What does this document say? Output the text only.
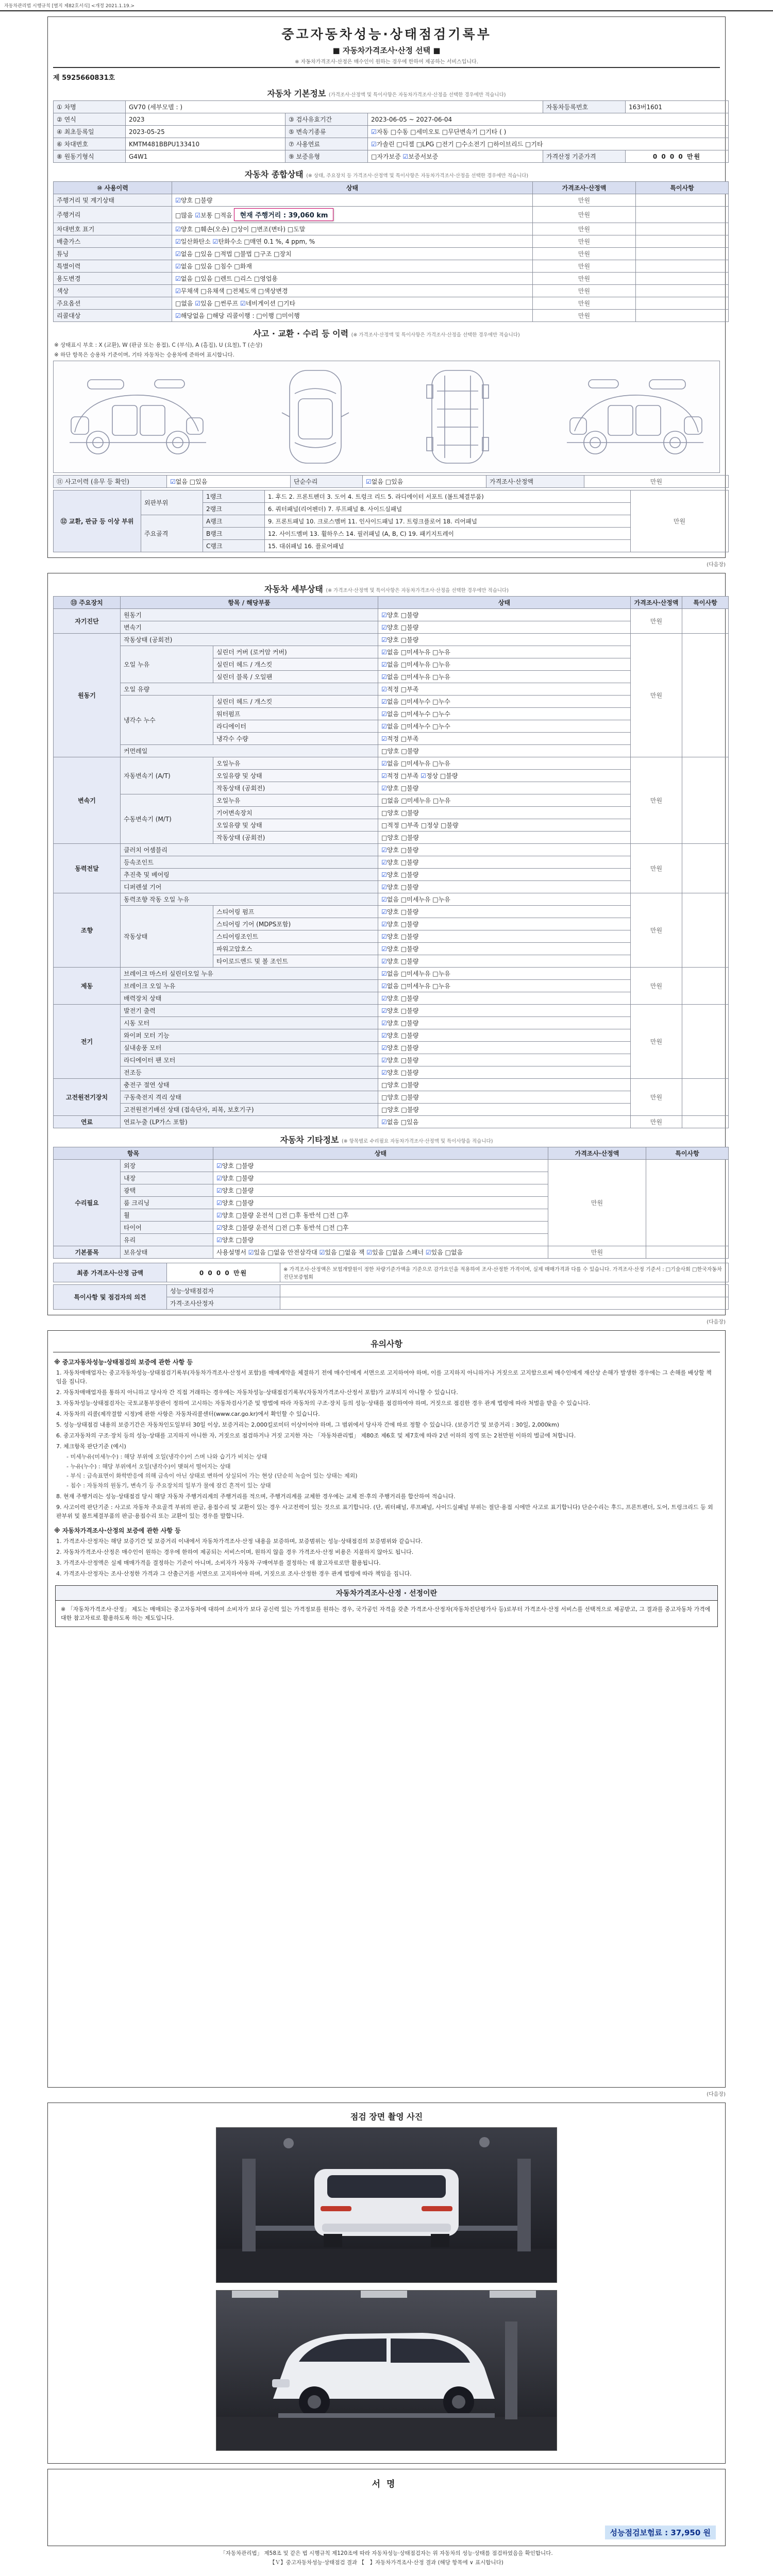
자동차관리법 시행규칙 [별지 제82호서식] <개정 2021.1.19.>
중고자동차성능·상태점검기록부
■ 자동차가격조사·산정 선택 ■
※ 자동차가격조사·산정은 매수인이 원하는 경우에 한하여 제공하는 서비스입니다.
제 5925660831호
자동차 기본정보 (가격조사·산정액 및 특이사항은 자동차가격조사·산정을 선택한 경우에만 적습니다)
① 차명	GV70 (세부모델 : )			자동차등록번호	163버1601
② 연식	2023	③ 검사유효기간	2023-06-05 ~ 2027-06-04		
④ 최초등록일	2023-05-25	⑤ 변속기종류	☑자동 □수동 □세미오토 □무단변속기 □기타 ( )		
⑥ 차대번호	KMTM481BBPU133410	⑦ 사용연료	☑가솔린 □디젤 □LPG □전기 □수소전기 □하이브리드 □기타		
⑧ 원동기형식	G4W1	⑨ 보증유형	□자가보증 ☑보증서보증	가격산정 기준가격	0 0 0 0 만원
자동차 종합상태 (※ 상태, 주요장치 등 가격조사·산정액 및 특이사항은 자동차가격조사·산정을 선택한 경우에만 적습니다)
⑩ 사용이력	상태	가격조사·산정액	특이사항
주행거리 및 계기상태	☑양호 □불량	만원	
주행거리	□많음 ☑보통 □적음 현재 주행거리 : 39,060 km	만원	
차대번호 표기	☑양호 □훼손(오손) □상이 □변조(변타) □도말	만원	
배출가스	☑일산화탄소 ☑탄화수소 □매연 0.1 %, 4 ppm, %	만원	
튜닝	☑없음 □있음 □적법 □불법 □구조 □장치	만원	
특별이력	☑없음 □있음 □침수 □화재	만원	
용도변경	☑없음 □있음 □렌트 □리스 □영업용	만원	
색상	☑무채색 □유채색 □전체도색 □색상변경	만원	
주요옵션	□없음 ☑있음 □썬루프 ☑네비게이션 □기타	만원	
리콜대상	☑해당없음 □해당 리콜이행 : □이행 □미이행	만원	
사고 · 교환 · 수리 등 이력 (※ 가격조사·산정액 및 특이사항은 가격조사·산정을 선택한 경우에만 적습니다)
※ 상태표시 부호 : X (교환), W (판금 또는 용접), C (부식), A (흠집), U (요철), T (손상)
※ 하단 항목은 승용차 기준이며, 기타 자동차는 승용차에 준하여 표시합니다.
⑪ 사고이력 (유무 등 확인)	☑없음 □있음	단순수리	☑없음 □있음	가격조사·산정액	만원
⑫ 교환, 판금 등 이상 부위	외판부위	1랭크	1. 후드 2. 프론트펜더 3. 도어 4. 트렁크 리드 5. 라디에이터 서포트 (볼트체결부품)	만원
		2랭크	6. 쿼터패널(리어펜더) 7. 루프패널 8. 사이드실패널	
	주요골격	A랭크	9. 프론트패널 10. 크로스멤버 11. 인사이드패널 17. 트렁크플로어 18. 리어패널	
		B랭크	12. 사이드멤버 13. 휠하우스 14. 필러패널 (A, B, C) 19. 패키지트레이	
		C랭크	15. 대쉬패널 16. 플로어패널	
(다음장)
자동차 세부상태 (※ 가격조사·산정액 및 특이사항은 자동차가격조사·산정을 선택한 경우에만 적습니다)
⑬ 주요장치	항목 / 해당부품		상태	가격조사·산정액	특이사항
자기진단	원동기		☑양호 □불량	만원	
	변속기		☑양호 □불량		
원동기	작동상태 (공회전)		☑양호 □불량	만원	
	오일 누유	실린더 커버 (로커암 커버)	☑없음 □미세누유 □누유		
		실린더 헤드 / 개스킷	☑없음 □미세누유 □누유		
		실린더 블록 / 오일팬	☑없음 □미세누유 □누유		
	오일 유량		☑적정 □부족		
	냉각수 누수	실린더 헤드 / 개스킷	☑없음 □미세누수 □누수		
		워터펌프	☑없음 □미세누수 □누수		
		라디에이터	☑없음 □미세누수 □누수		
		냉각수 수량	☑적정 □부족		
	커먼레일		□양호 □불량		
변속기	자동변속기 (A/T)	오일누유	☑없음 □미세누유 □누유	만원	
		오일유량 및 상태	☑적정 □부족 ☑정상 □불량		
		작동상태 (공회전)	☑양호 □불량		
	수동변속기 (M/T)	오일누유	□없음 □미세누유 □누유		
		기어변속장치	□양호 □불량		
		오일유량 및 상태	□적정 □부족 □정상 □불량		
		작동상태 (공회전)	□양호 □불량		
동력전달	클러치 어셈블리		☑양호 □불량	만원	
	등속조인트		☑양호 □불량		
	추진축 및 베어링		☑양호 □불량		
	디퍼렌셜 기어		☑양호 □불량		
조향	동력조향 작동 오일 누유		☑없음 □미세누유 □누유	만원	
	작동상태	스티어링 펌프	☑양호 □불량		
		스티어링 기어 (MDPS포함)	☑양호 □불량		
		스티어링조인트	☑양호 □불량		
		파워고압호스	☑양호 □불량		
		타이로드엔드 및 볼 조인트	☑양호 □불량		
제동	브레이크 마스터 실린더오일 누유		☑없음 □미세누유 □누유	만원	
	브레이크 오일 누유		☑없음 □미세누유 □누유		
	배력장치 상태		☑양호 □불량		
전기	발전기 출력		☑양호 □불량	만원	
	시동 모터		☑양호 □불량		
	와이퍼 모터 기능		☑양호 □불량		
	실내송풍 모터		☑양호 □불량		
	라디에이터 팬 모터		☑양호 □불량		
	전조등		☑양호 □불량		
고전원전기장치	충전구 절연 상태		□양호 □불량	만원	
	구동축전지 격리 상태		□양호 □불량		
	고전원전기배선 상태 (접속단자, 피복, 보호기구)		□양호 □불량		
연료	연료누출 (LP가스 포함)		☑없음 □있음	만원	
자동차 기타정보 (※ 항목별로 수리필요 자동차가격조사·산정액 및 특이사항을 적습니다)
항목		상태	가격조사·산정액	특이사항
수리필요	외장	☑양호 □불량	만원	
	내장	☑양호 □불량		
	광택	☑양호 □불량		
	룸 크리닝	☑양호 □불량		
	휠	☑양호 □불량 운전석 □전 □후 동반석 □전 □후		
	타이어	☑양호 □불량 운전석 □전 □후 동반석 □전 □후		
	유리	☑양호 □불량		
기본품목	보유상태	사용설명서 ☑있음 □없음 안전삼각대 ☑있음 □없음 잭 ☑있음 □없음 스패너 ☑있음 □없음	만원	
최종 가격조사·산정 금액	0 0 0 0 만원	※ 가격조사·산정액은 보험개발원이 정한 차량기준가액을 기준으로 감가요인을 적용하여 조사·산정한 가격이며, 실제 매매가격과 다를 수 있습니다. 가격조사·산정 기준서 : □기술사회 □한국자동차진단보증협회
특이사항 및 점검자의 의견	성능·상태점검자	
	가격·조사산정자	
(다음장)
유의사항
※ 중고자동차성능·상태점검의 보증에 관한 사항 등
1. 자동차매매업자는 중고자동차성능·상태점검기록부(자동차가격조사·산정서 포함)를 매매계약을 체결하기 전에 매수인에게 서면으로 고지하여야 하며, 이를 고지하지 아니하거나 거짓으로 고지함으로써 매수인에게 재산상 손해가 발생한 경우에는 그 손해를 배상할 책임을 집니다.
2. 자동차매매업자를 통하지 아니하고 당사자 간 직접 거래하는 경우에는 자동차성능·상태점검기록부(자동차가격조사·산정서 포함)가 교부되지 아니할 수 있습니다.
3. 자동차성능·상태점검자는 국토교통부장관이 정하여 고시하는 자동차검사기준 및 방법에 따라 자동차의 구조·장치 등의 성능·상태를 점검하여야 하며, 거짓으로 점검한 경우 관계 법령에 따라 처벌을 받을 수 있습니다.
4. 자동차의 리콜(제작결함 시정)에 관한 사항은 자동차리콜센터(www.car.go.kr)에서 확인할 수 있습니다.
5. 성능·상태점검 내용의 보증기간은 자동차인도일부터 30일 이상, 보증거리는 2,000킬로미터 이상이어야 하며, 그 범위에서 당사자 간에 따로 정할 수 있습니다. (보증기간 및 보증거리 : 30일, 2,000km)
6. 중고자동차의 구조·장치 등의 성능·상태를 고지하지 아니한 자, 거짓으로 점검하거나 거짓 고지한 자는 「자동차관리법」 제80조 제6호 및 제7호에 따라 2년 이하의 징역 또는 2천만원 이하의 벌금에 처합니다.
7. 체크항목 판단기준 (예시)
- 미세누유(미세누수) : 해당 부위에 오일(냉각수)이 스며 나와 습기가 비치는 상태
- 누유(누수) : 해당 부위에서 오일(냉각수)이 맺혀서 떨어지는 상태
- 부식 : 금속표면이 화학반응에 의해 금속이 아닌 상태로 변하여 상실되어 가는 현상 (단순히 녹슬어 있는 상태는 제외)
- 침수 : 자동차의 원동기, 변속기 등 주요장치의 일부가 물에 잠긴 흔적이 있는 상태
8. 현재 주행거리는 성능·상태점검 당시 해당 자동차 주행거리계의 주행거리를 적으며, 주행거리계를 교체한 경우에는 교체 전·후의 주행거리를 합산하여 적습니다.
9. 사고이력 판단기준 : 사고로 자동차 주요골격 부위의 판금, 용접수리 및 교환이 있는 경우 사고전력이 있는 것으로 표기합니다. (단, 쿼터패널, 루프패널, 사이드실패널 부위는 절단·용접 시에만 사고로 표기합니다) 단순수리는 후드, 프론트펜더, 도어, 트렁크리드 등 외판부위 및 볼트체결부품의 판금·용접수리 또는 교환이 있는 경우를 말합니다.
※ 자동차가격조사·산정의 보증에 관한 사항 등
1. 가격조사·산정자는 해당 보증기간 및 보증거리 이내에서 자동차가격조사·산정 내용을 보증하며, 보증범위는 성능·상태점검의 보증범위와 같습니다.
2. 자동차가격조사·산정은 매수인이 원하는 경우에 한하여 제공되는 서비스이며, 원하지 않을 경우 가격조사·산정 비용은 지불하지 않아도 됩니다.
3. 가격조사·산정액은 실제 매매가격을 결정하는 기준이 아니며, 소비자가 자동차 구매여부를 결정하는 데 참고자료로만 활용됩니다.
4. 가격조사·산정자는 조사·산정한 가격과 그 산출근거를 서면으로 고지하여야 하며, 거짓으로 조사·산정한 경우 관계 법령에 따라 책임을 집니다.
자동차가격조사·산정 · 선정이란
※ 「자동차가격조사·산정」 제도는 매매되는 중고자동차에 대하여 소비자가 보다 공신력 있는 가격정보를 원하는 경우, 국가공인 자격을 갖춘 가격조사·산정자(자동차진단평가사 등)로부터 가격조사·산정 서비스를 선택적으로 제공받고, 그 결과를 중고자동차 가격에 대한 참고자료로 활용하도록 하는 제도입니다.
(다음장)
점검 장면 촬영 사진
서명
성능점검보험료 : 37,950 원
「자동차관리법」 제58조 및 같은 법 시행규칙 제120조에 따라 자동차성능·상태점검자는 위 자동차의 성능·상태를 점검하였음을 확인합니다.
【Ｖ】중고자동차성능·상태점검 결과 【　】자동차가격조사·산정 결과 (해당 항목에 ∨ 표시합니다)
